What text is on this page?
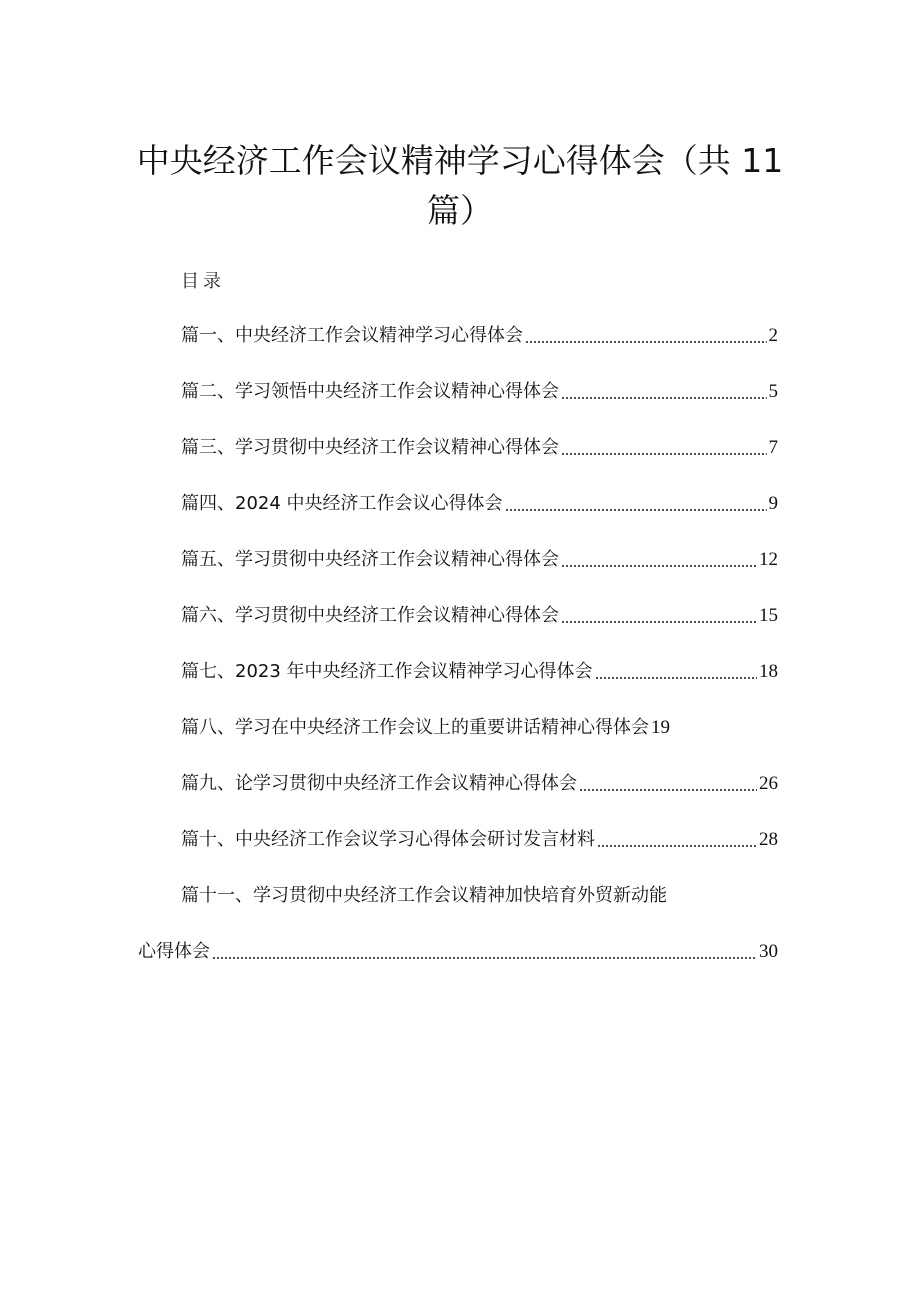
中央经济工作会议精神学习心得体会（共 11
篇）
目录
篇一、中央经济工作会议精神学习心得体会	2
篇二、学习领悟中央经济工作会议精神心得体会	5
篇三、学习贯彻中央经济工作会议精神心得体会	7
篇四、2024 中央经济工作会议心得体会	9
篇五、学习贯彻中央经济工作会议精神心得体会	12
篇六、学习贯彻中央经济工作会议精神心得体会	15
篇七、2023 年中央经济工作会议精神学习心得体会	18
篇八、学习在中央经济工作会议上的重要讲话精神心得体会 19
篇九、论学习贯彻中央经济工作会议精神心得体会	26
篇十、中央经济工作会议学习心得体会研讨发言材料	28
篇十一、学习贯彻中央经济工作会议精神加快培育外贸新动能
心得体会	30
